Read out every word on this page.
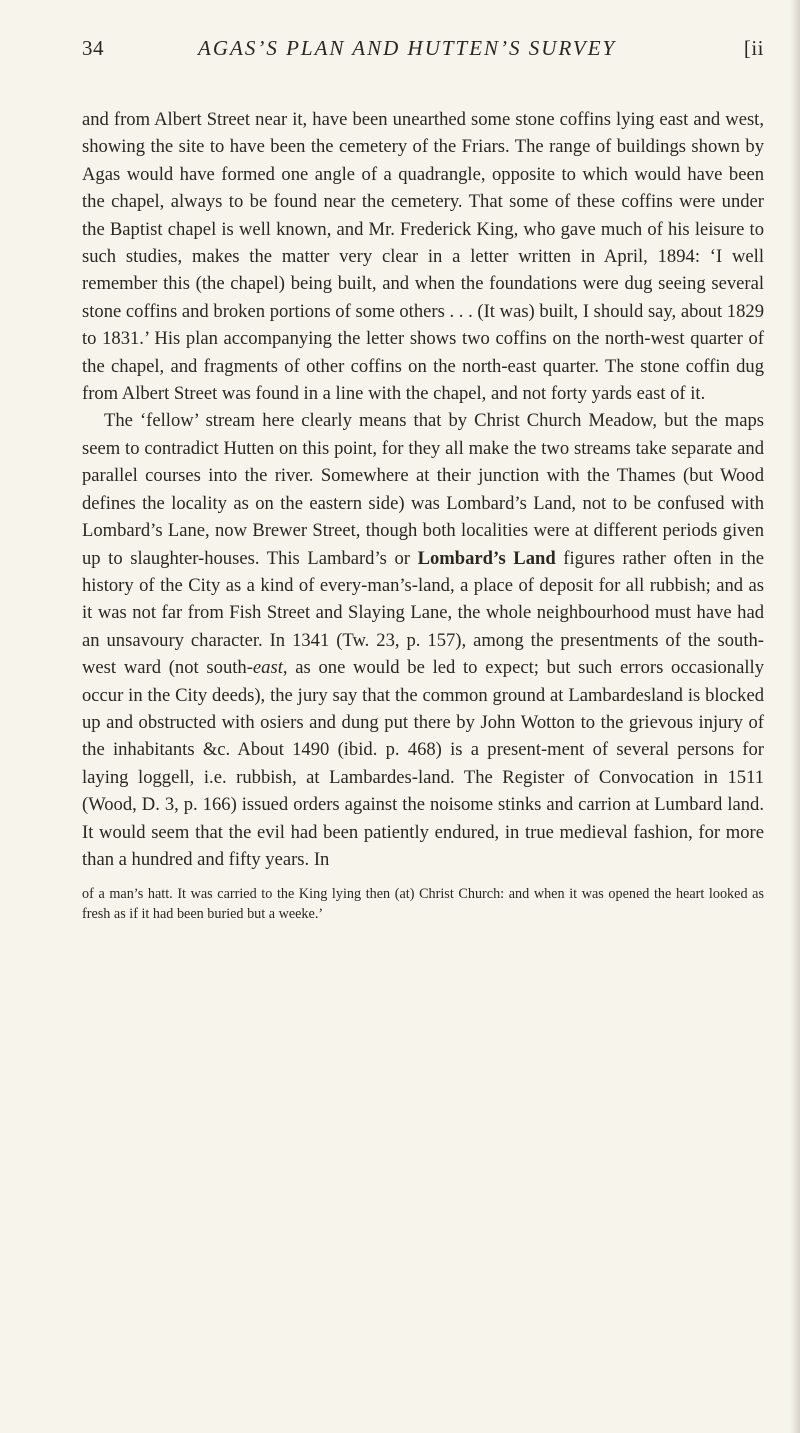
34	AGAS’S PLAN AND HUTTEN’S SURVEY	[ii

and from Albert Street near it, have been unearthed some stone coffins lying east and west, showing the site to have been the cemetery of the Friars. The range of buildings shown by Agas would have formed one angle of a quadrangle, opposite to which would have been the chapel, always to be found near the cemetery. That some of these coffins were under the Baptist chapel is well known, and Mr. Frederick King, who gave much of his leisure to such studies, makes the matter very clear in a letter written in April, 1894: ‘I well remember this (the chapel) being built, and when the foundations were dug seeing several stone coffins and broken portions of some others . . . (It was) built, I should say, about 1829 to 1831.’ His plan accompanying the letter shows two coffins on the north-west quarter of the chapel, and fragments of other coffins on the north-east quarter. The stone coffin dug from Albert Street was found in a line with the chapel, and not forty yards east of it.

The ‘fellow’ stream here clearly means that by Christ Church Meadow, but the maps seem to contradict Hutten on this point, for they all make the two streams take separate and parallel courses into the river. Somewhere at their junction with the Thames (but Wood defines the locality as on the eastern side) was Lombard’s Land, not to be confused with Lombard’s Lane, now Brewer Street, though both localities were at different periods given up to slaughter-houses. This Lambard’s or Lombard’s Land figures rather often in the history of the City as a kind of every-man’s-land, a place of deposit for all rubbish; and as it was not far from Fish Street and Slaying Lane, the whole neighbourhood must have had an unsavoury character. In 1341 (Tw. 23, p. 157), among the presentments of the south-west ward (not south-east, as one would be led to expect; but such errors occasionally occur in the City deeds), the jury say that the common ground at Lambardesland is blocked up and obstructed with osiers and dung put there by John Wotton to the grievous injury of the inhabitants &c. About 1490 (ibid. p. 468) is a present-ment of several persons for laying loggell, i.e. rubbish, at Lambardes-land. The Register of Convocation in 1511 (Wood, D. 3, p. 166) issued orders against the noisome stinks and carrion at Lumbard land. It would seem that the evil had been patiently endured, in true medieval fashion, for more than a hundred and fifty years. In

of a man’s hatt. It was carried to the King lying then (at) Christ Church: and when it was opened the heart looked as fresh as if it had been buried but a weeke.’
